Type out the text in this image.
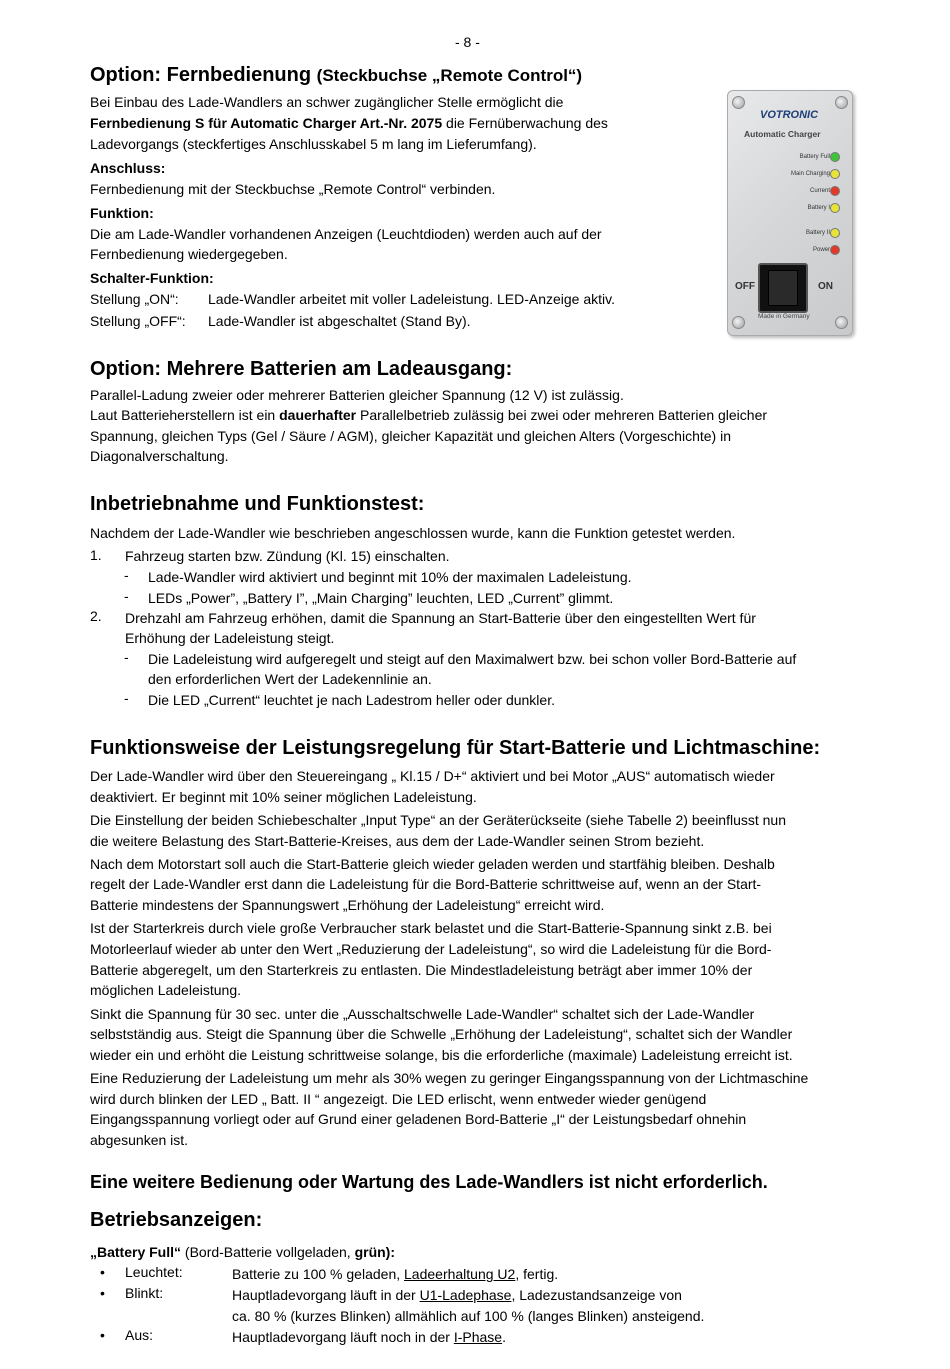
- 8 -
Option: Fernbedienung (Steckbuchse „Remote Control“)
Bei Einbau des Lade-Wandlers an schwer zugänglicher Stelle ermöglicht die
Fernbedienung S für Automatic Charger Art.-Nr. 2075 die Fernüberwachung des
Ladevorgangs (steckfertiges Anschlusskabel 5 m lang im Lieferumfang).
Anschluss:
Fernbedienung mit der Steckbuchse „Remote Control“ verbinden.
Funktion:
Die am Lade-Wandler vorhandenen Anzeigen (Leuchtdioden) werden auch auf der
Fernbedienung wiedergegeben.
Schalter-Funktion:
Stellung „ON“: Lade-Wandler arbeitet mit voller Ladeleistung. LED-Anzeige aktiv.
Stellung „OFF“: Lade-Wandler ist abgeschaltet (Stand By).
VOTRONIC
Automatic Charger
Battery Full
Main Charging
Current
Battery I
Battery II
Power
OFF	ON
Made in Germany
Option: Mehrere Batterien am Ladeausgang:
Parallel-Ladung zweier oder mehrerer Batterien gleicher Spannung (12 V) ist zulässig.
Laut Batterieherstellern ist ein dauerhafter Parallelbetrieb zulässig bei zwei oder mehreren Batterien gleicher
Spannung, gleichen Typs (Gel / Säure / AGM), gleicher Kapazität und gleichen Alters (Vorgeschichte) in
Diagonalverschaltung.
Inbetriebnahme und Funktionstest:
Nachdem der Lade-Wandler wie beschrieben angeschlossen wurde, kann die Funktion getestet werden.
1. Fahrzeug starten bzw. Zündung (Kl. 15) einschalten.
- Lade-Wandler wird aktiviert und beginnt mit 10% der maximalen Ladeleistung.
- LEDs „Power”, „Battery I”, „Main Charging” leuchten, LED „Current” glimmt.
2. Drehzahl am Fahrzeug erhöhen, damit die Spannung an Start-Batterie über den eingestellten Wert für
Erhöhung der Ladeleistung steigt.
- Die Ladeleistung wird aufgeregelt und steigt auf den Maximalwert bzw. bei schon voller Bord-Batterie auf
den erforderlichen Wert der Ladekennlinie an.
- Die LED „Current“ leuchtet je nach Ladestrom heller oder dunkler.
Funktionsweise der Leistungsregelung für Start-Batterie und Lichtmaschine:
Der Lade-Wandler wird über den Steuereingang „ Kl.15 / D+“ aktiviert und bei Motor „AUS“ automatisch wieder
deaktiviert. Er beginnt mit 10% seiner möglichen Ladeleistung.
Die Einstellung der beiden Schiebeschalter „Input Type“ an der Geräterückseite (siehe Tabelle 2) beeinflusst nun
die weitere Belastung des Start-Batterie-Kreises, aus dem der Lade-Wandler seinen Strom bezieht.
Nach dem Motorstart soll auch die Start-Batterie gleich wieder geladen werden und startfähig bleiben. Deshalb
regelt der Lade-Wandler erst dann die Ladeleistung für die Bord-Batterie schrittweise auf, wenn an der Start-
Batterie mindestens der Spannungswert „Erhöhung der Ladeleistung“ erreicht wird.
Ist der Starterkreis durch viele große Verbraucher stark belastet und die Start-Batterie-Spannung sinkt z.B. bei
Motorleerlauf wieder ab unter den Wert „Reduzierung der Ladeleistung“, so wird die Ladeleistung für die Bord-
Batterie abgeregelt, um den Starterkreis zu entlasten. Die Mindestladeleistung beträgt aber immer 10% der
möglichen Ladeleistung.
Sinkt die Spannung für 30 sec. unter die „Ausschaltschwelle Lade-Wandler“ schaltet sich der Lade-Wandler
selbstständig aus. Steigt die Spannung über die Schwelle „Erhöhung der Ladeleistung“, schaltet sich der Wandler
wieder ein und erhöht die Leistung schrittweise solange, bis die erforderliche (maximale) Ladeleistung erreicht ist.
Eine Reduzierung der Ladeleistung um mehr als 30% wegen zu geringer Eingangsspannung von der Lichtmaschine
wird durch blinken der LED „ Batt. II “ angezeigt. Die LED erlischt, wenn entweder wieder genügend
Eingangsspannung vorliegt oder auf Grund einer geladenen Bord-Batterie „I“ der Leistungsbedarf ohnehin
abgesunken ist.
Eine weitere Bedienung oder Wartung des Lade-Wandlers ist nicht erforderlich.
Betriebsanzeigen:
„Battery Full“ (Bord-Batterie vollgeladen, grün):
• Leuchtet:	Batterie zu 100 % geladen, Ladeerhaltung U2, fertig.
• Blinkt:	Hauptladevorgang läuft in der U1-Ladephase, Ladezustandsanzeige von
ca. 80 % (kurzes Blinken) allmählich auf 100 % (langes Blinken) ansteigend.
• Aus:	Hauptladevorgang läuft noch in der I-Phase.
